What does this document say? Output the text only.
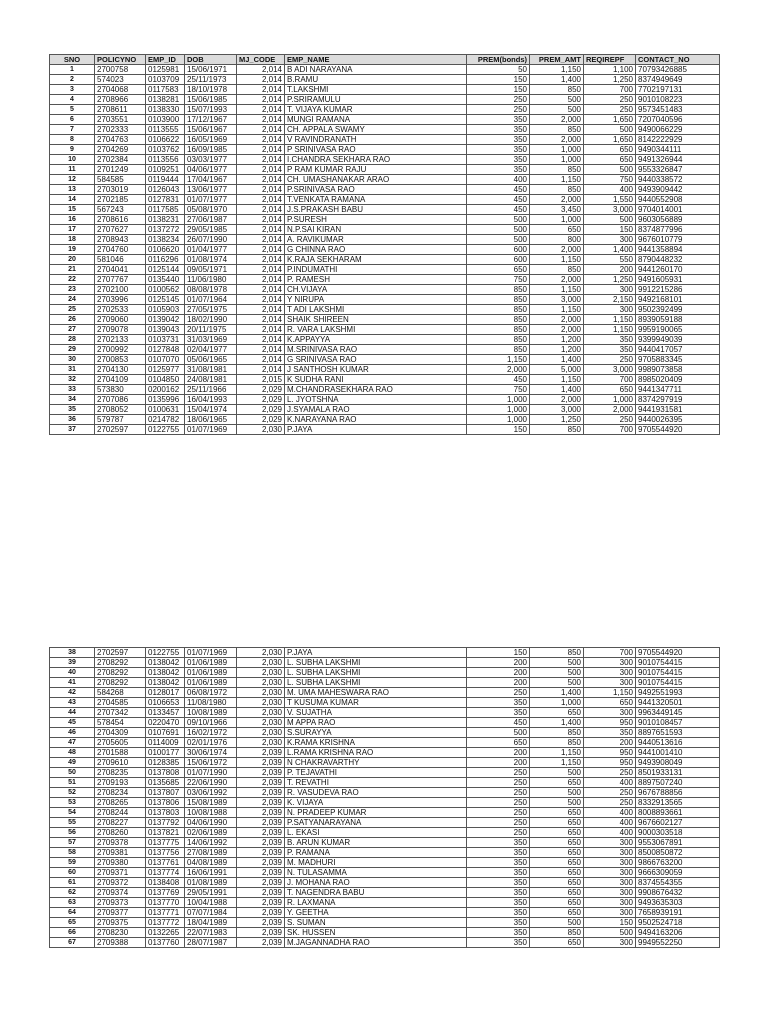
SNO	POLICYNO	EMP_ID	DOB	MJ_CODE	EMP_NAME	PREM(bonds)	PREM_AMT	REQIREPF	CONTACT_NO
1	2700758	0125981	15/06/1971	2,014	B ADI NARAYANA	50	1,150	1,100	70793426885
2	574023	0103709	25/11/1973	2,014	B.RAMU	150	1,400	1,250	8374949649
3	2704068	0117583	18/10/1978	2,014	T.LAKSHMI	150	850	700	7702197131
4	2708966	0138281	15/06/1985	2,014	P.SRIRAMULU	250	500	250	9010108223
5	2708611	0138330	15/07/1993	2,014	T. VIJAYA KUMAR	250	500	250	9573451483
6	2703551	0103900	17/12/1967	2,014	MUNGI RAMANA	350	2,000	1,650	7207040596
7	2702333	0113555	15/06/1967	2,014	CH. APPALA SWAMY	350	850	500	9490066229
8	2704763	0106622	16/05/1969	2,014	V RAVINDRANATH	350	2,000	1,650	8142222929
9	2704269	0103762	16/09/1985	2,014	P SRINIVASA RAO	350	1,000	650	9490344111
10	2702384	0113556	03/03/1977	2,014	I.CHANDRA SEKHARA RAO	350	1,000	650	9491326944
11	2701249	0109251	04/06/1977	2,014	P RAM KUMAR RAJU	350	850	500	9553326847
12	584585	0119444	17/04/1967	2,014	CH. UMASHANAKAR ARAO	400	1,150	750	9440338572
13	2703019	0126043	13/06/1977	2,014	P.SRINIVASA RAO	450	850	400	9493909442
14	2702185	0127831	01/07/1977	2,014	T.VENKATA RAMANA	450	2,000	1,550	9440552908
15	567243	0117585	05/08/1970	2,014	J.S.PRAKASH BABU	450	3,450	3,000	9704014001
16	2708616	0138231	27/06/1987	2,014	P.SURESH	500	1,000	500	9603056889
17	2707627	0137272	29/05/1985	2,014	N.P.SAI KIRAN	500	650	150	8374877996
18	2708943	0138234	26/07/1990	2,014	A. RAVIKUMAR	500	800	300	9676010779
19	2704760	0106620	01/04/1977	2,014	G CHINNA RAO	600	2,000	1,400	9441358894
20	581046	0116296	01/08/1974	2,014	K.RAJA SEKHARAM	600	1,150	550	8790448232
21	2704041	0125144	09/05/1971	2,014	P.INDUMATHI	650	850	200	9441260170
22	2707767	0135440	11/06/1980	2,014	P. RAMESH	750	2,000	1,250	9491605931
23	2702100	0100562	08/08/1978	2,014	CH.VIJAYA	850	1,150	300	9912215286
24	2703996	0125145	01/07/1964	2,014	Y NIRUPA	850	3,000	2,150	9492168101
25	2702533	0105903	27/05/1975	2,014	T ADI LAKSHMI	850	1,150	300	9502392499
26	2709060	0139042	18/02/1990	2,014	SHAIK SHIREEN	850	2,000	1,150	8939059188
27	2709078	0139043	20/11/1975	2,014	R. VARA LAKSHMI	850	2,000	1,150	9959190065
28	2702133	0103731	31/03/1969	2,014	K.APPAYYA	850	1,200	350	9399949039
29	2700992	0127848	02/04/1977	2,014	M.SRINIVASA RAO	850	1,200	350	9440417057
30	2700853	0107070	05/06/1965	2,014	G SRINIVASA RAO	1,150	1,400	250	9705883345
31	2704130	0125977	31/08/1981	2,014	J SANTHOSH KUMAR	2,000	5,000	3,000	9989073858
32	2704109	0104850	24/08/1981	2,015	K SUDHA RANI	450	1,150	700	8985020409
33	573830	0200162	25/11/1966	2,029	M.CHANDRASEKHARA RAO	750	1,400	650	9441347711
34	2707086	0135996	16/04/1993	2,029	L. JYOTSHNA	1,000	2,000	1,000	8374297919
35	2708052	0100631	15/04/1974	2,029	J.SYAMALA RAO	1,000	3,000	2,000	9441931581
36	579787	0214782	18/06/1965	2,029	K.NARAYANA RAO	1,000	1,250	250	9440026395
37	2702597	0122755	01/07/1969	2,030	P.JAYA	150	850	700	9705544920
38	2702597	0122755	01/07/1969	2,030	P.JAYA	150	850	700	9705544920
39	2708292	0138042	01/06/1989	2,030	L. SUBHA LAKSHMI	200	500	300	9010754415
40	2708292	0138042	01/06/1989	2,030	L. SUBHA LAKSHMI	200	500	300	9010754415
41	2708292	0138042	01/06/1989	2,030	L. SUBHA LAKSHMI	200	500	300	9010754415
42	584268	0128017	06/08/1972	2,030	M. UMA MAHESWARA RAO	250	1,400	1,150	9492551993
43	2704585	0106653	11/08/1980	2,030	T KUSUMA KUMAR	350	1,000	650	9441320501
44	2707342	0133457	10/08/1989	2,030	V. SUJATHA	350	650	300	9963449145
45	578454	0220470	09/10/1966	2,030	M APPA RAO	450	1,400	950	9010108457
46	2704309	0107691	16/02/1972	2,030	S.SURAYYA	500	850	350	8897651593
47	2705605	0114009	02/01/1976	2,030	K.RAMA KRISHNA	650	850	200	9440513616
48	2701588	0100177	30/06/1974	2,039	L.RAMA KRISHNA RAO	200	1,150	950	9441001410
49	2709610	0128385	15/06/1972	2,039	N CHAKRAVARTHY	200	1,150	950	9493908049
50	2708235	0137808	01/07/1990	2,039	P. TEJAVATHI	250	500	250	8501933131
51	2709193	0135685	22/06/1990	2,039	T. REVATHI	250	650	400	8897507240
52	2708234	0137807	03/06/1992	2,039	R. VASUDEVA RAO	250	500	250	9676788856
53	2708265	0137806	15/08/1989	2,039	K. VIJAYA	250	500	250	8332913565
54	2708244	0137803	10/08/1988	2,039	N. PRADEEP KUMAR	250	650	400	8008893661
55	2708227	0137792	04/06/1990	2,039	P.SATYANARAYANA	250	650	400	9676602127
56	2708260	0137821	02/06/1989	2,039	L. EKASI	250	650	400	9000303518
57	2709378	0137775	14/06/1992	2,039	B. ARUN KUMAR	350	650	300	9553067891
58	2709381	0137756	27/08/1989	2,039	P. RAMANA	350	650	300	8500850872
59	2709380	0137761	04/08/1989	2,039	M. MADHURI	350	650	300	9866763200
60	2709371	0137774	16/06/1991	2,039	N. TULASAMMA	350	650	300	9666309059
61	2709372	0138408	01/08/1989	2,039	J. MOHANA RAO	350	650	300	8374554355
62	2709374	0137769	29/05/1991	2,039	T. NAGENDRA BABU	350	650	300	9908676432
63	2709373	0137770	10/04/1988	2,039	R. LAXMANA	350	650	300	9493635303
64	2709377	0137771	07/07/1984	2,039	Y. GEETHA	350	650	300	7658939191
65	2709375	0137772	18/04/1989	2,039	S. SUMAN	350	500	150	9502524718
66	2708230	0132265	22/07/1983	2,039	SK. HUSSEN	350	850	500	9494163206
67	2709388	0137760	28/07/1987	2,039	M.JAGANNADHA RAO	350	650	300	9949552250
